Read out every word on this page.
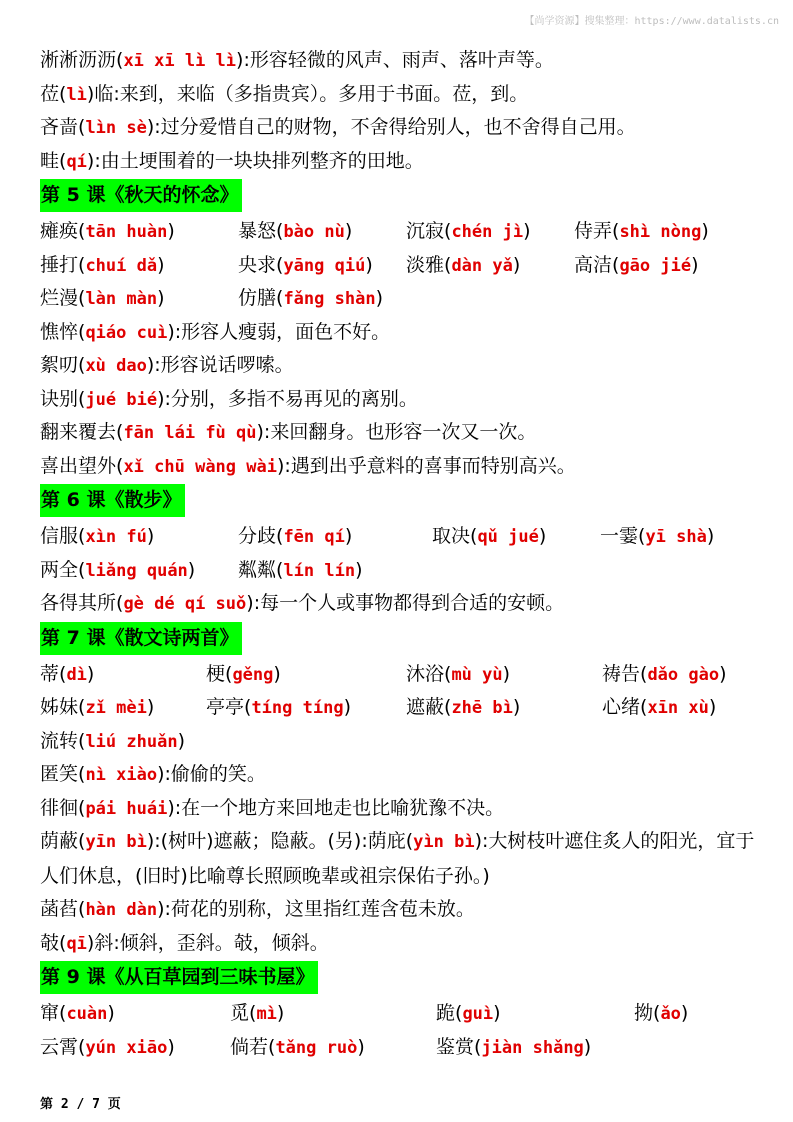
【尚学资源】搜集整理：https://www.datalists.cn
淅淅沥沥(xī xī lì lì):形容轻微的风声、雨声、落叶声等。
莅(lì)临:来到，来临（多指贵宾）。多用于书面。莅，到。
吝啬(lìn sè):过分爱惜自己的财物，不舍得给别人，也不舍得自己用。
畦(qí):由土埂围着的一块块排列整齐的田地。
第 5 课《秋天的怀念》
瘫痪(tān huàn)	暴怒(bào nù)	沉寂(chén jì) 侍弄(shì nòng)
捶打(chuí dǎ)	央求(yāng qiú) 淡雅(dàn yǎ)	高洁(gāo jié)
烂漫(làn màn)	仿膳(fǎng shàn)
憔悴(qiáo cuì):形容人瘦弱，面色不好。
絮叨(xù dao):形容说话啰嗦。
诀别(jué bié):分别，多指不易再见的离别。
翻来覆去(fān lái fù qù):来回翻身。也形容一次又一次。
喜出望外(xǐ chū wàng wài):遇到出乎意料的喜事而特别高兴。
第 6 课《散步》
信服(xìn fú)	分歧(fēn qí)	取决(qǔ jué)	一霎(yī shà)
两全(liǎng quán) 粼粼(lín lín)
各得其所(gè dé qí suǒ):每一个人或事物都得到合适的安顿。
第 7 课《散文诗两首》
蒂(dì)	梗(gěng)	沐浴(mù yù)	祷告(dǎo gào)
姊妹(zǐ mèi)	亭亭(tíng tíng)	遮蔽(zhē bì)	心绪(xīn xù)
流转(liú zhuǎn)
匿笑(nì xiào):偷偷的笑。
徘徊(pái huái):在一个地方来回地走也比喻犹豫不决。
荫蔽(yīn bì):(树叶)遮蔽；隐蔽。(另):荫庇(yìn bì):大树枝叶遮住炙人的阳光，宜于人们休息，(旧时)比喻尊长照顾晚辈或祖宗保佑子孙。)
菡萏(hàn dàn):荷花的别称，这里指红莲含苞未放。
攲(qī)斜:倾斜，歪斜。攲，倾斜。
第 9 课《从百草园到三味书屋》
窜(cuàn)	觅(mì)	跪(guì)	拗(ǎo)
云霄(yún xiāo)	倘若(tǎng ruò)	鉴赏(jiàn shǎng)
第 2 / 7 页
